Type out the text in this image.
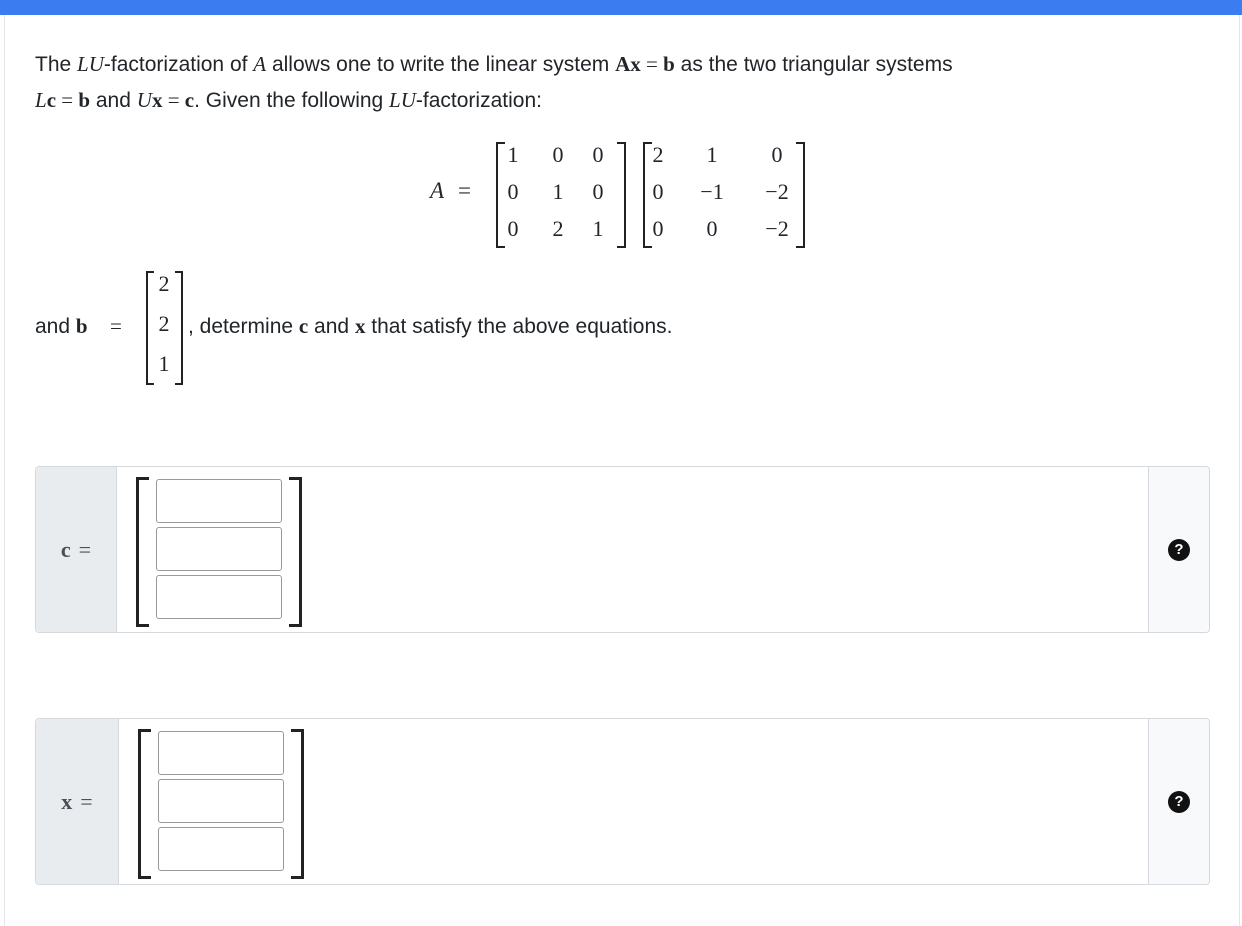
The LU-factorization of A allows one to write the linear system Ax = b as the two triangular systems
Lc = b and Ux = c. Given the following LU-factorization:
A =
1	0	0
0	1	0
0	2	1
2	1	0
0	−1	−2
0	0	−2
and b =
2
2
1
, determine c and x that satisfy the above equations.
c =	?
x =	?
